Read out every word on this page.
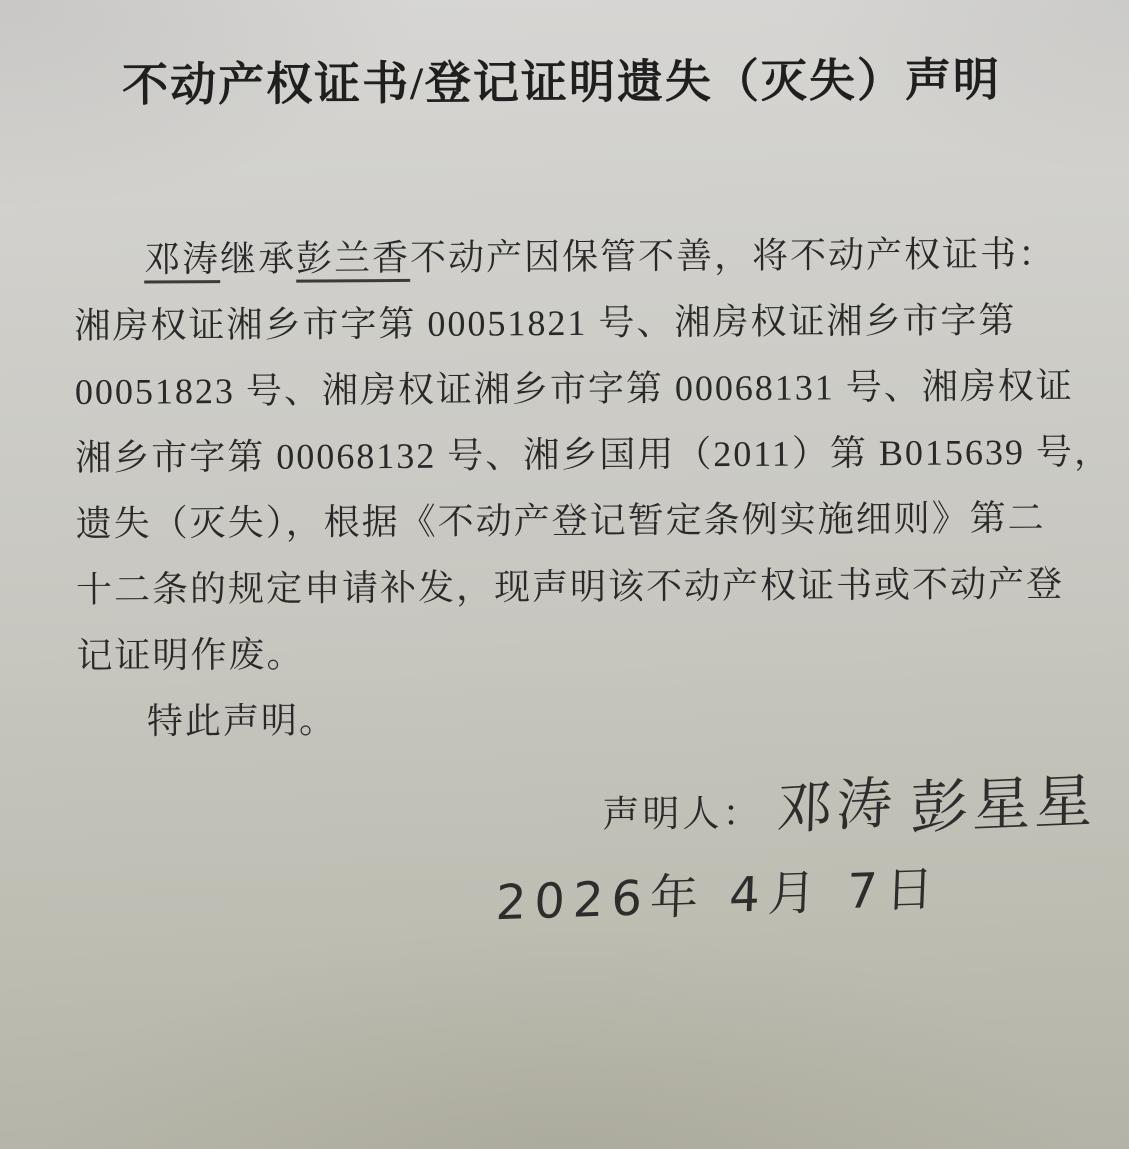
不动产权证书/登记证明遗失（灭失）声明

邓涛继承彭兰香不动产因保管不善，将不动产权证书：

湘房权证湘乡市字第 00051821 号、湘房权证湘乡市字第

00051823 号、湘房权证湘乡市字第 00068131 号、湘房权证

湘乡市字第 00068132 号、湘乡国用（2011）第 B015639 号，

遗失（灭失），根据《不动产登记暂定条例实施细则》第二

十二条的规定申请补发，现声明该不动产权证书或不动产登

记证明作废。

特此声明。

声明人： 邓涛 彭星星
2026年 4月 7日
